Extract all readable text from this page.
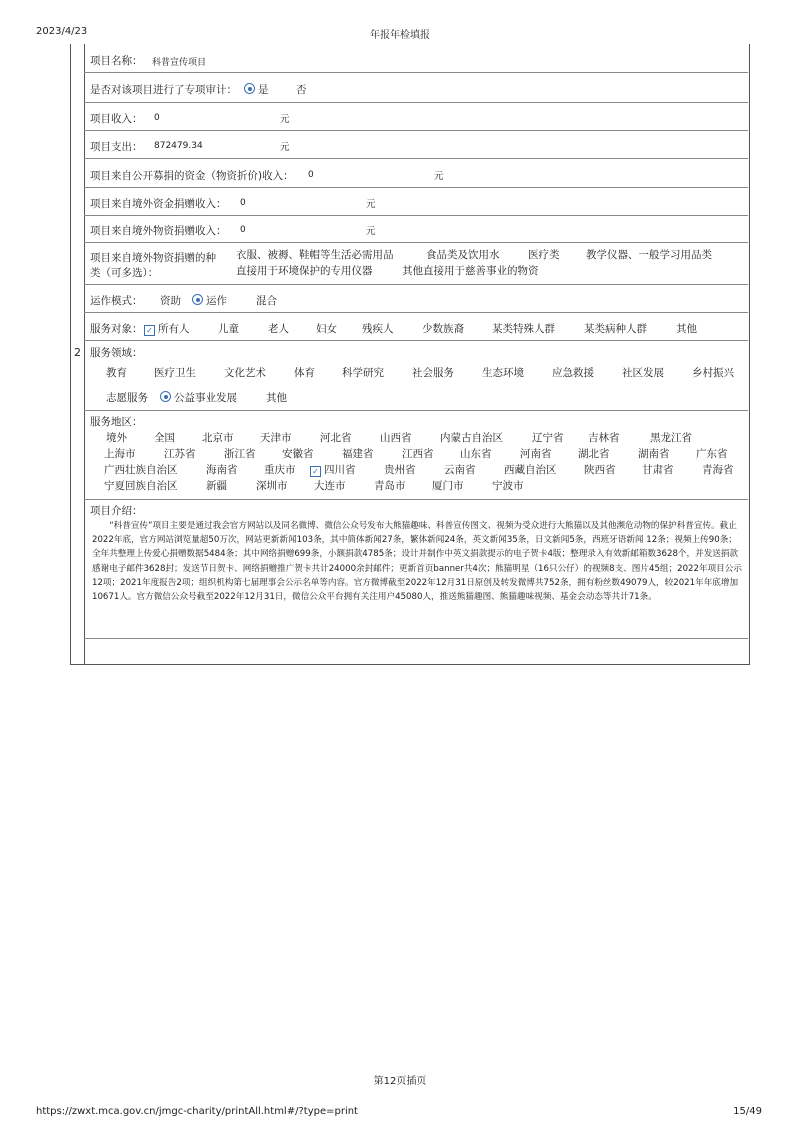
2023/4/23	年报年检填报
2
项目名称： 科普宣传项目
是否对该项目进行了专项审计：	是	否
项目收入： 0	元
项目支出： 872479.34	元
项目来自公开募捐的资金（物资折价)收入： 0	元
项目来自境外资金捐赠收入： 0	元
项目来自境外物资捐赠收入： 0	元
项目来自境外物资捐赠的种
类（可多选）：
衣服、被褥、鞋帽等生活必需用品	食品类及饮用水	医疗类	教学仪器、一般学习用品类
直接用于环境保护的专用仪器	其他直接用于慈善事业的物资
运作模式： 资助	运作	混合
服务对象： ✓ 所有人	儿童	老人	妇女 残疾人	少数族裔	某类特殊人群	某类病种人群	其他
服务领域：
教育	医疗卫生	文化艺术	体育	科学研究	社会服务	生态环境	应急救援	社区发展	乡村振兴
志愿服务	公益事业发展	其他
服务地区：
境外	全国	北京市	天津市	河北省	山西省	内蒙古自治区	辽宁省 吉林省	黑龙江省
上海市	江苏省	浙江省	安徽省	福建省	江西省	山东省	河南省	湖北省	湖南省	广东省
广西壮族自治区	海南省	重庆市 ✓ 四川省	贵州省	云南省	西藏自治区	陕西省	甘肃省	青海省
宁夏回族自治区	新疆	深圳市	大连市	青岛市	厦门市	宁波市
项目介绍：
“科普宣传”项目主要是通过我会官方网站以及同名微博、微信公众号发布大熊猫趣味、科普宣传图文、视频为受众进行大熊猫以及其他濒危动物的保护科普宣传。截止2022年底，官方网站浏览量超50万次，网站更新新闻103条，其中简体新闻27条，繁体新闻24条，英文新闻35条，日文新闻5条，西班牙语新闻 12条；视频上传90条；全年共整理上传爱心捐赠数据5484条；其中网络捐赠699条，小额捐款4785条；设计并制作中英文捐款提示的电子贺卡4版；整理录入有效新邮箱数3628个，并发送捐款感谢电子邮件3628封；发送节日贺卡、网络捐赠推广贺卡共计24000余封邮件；更新首页banner共4次；熊猫明星（16只公仔）的视频8支、图片45组；2022年项目公示12项；2021年度报告2项；组织机构第七届理事会公示名单等内容。官方微博截至2022年12月31日原创及转发微博共752条，拥有粉丝数49079人，较2021年年底增加10671人。官方微信公众号截至2022年12月31日，微信公众平台拥有关注用户45080人，推送熊猫趣图、熊猫趣味视频、基金会动态等共计71条。
第12页插页
https://zwxt.mca.gov.cn/jmgc-charity/printAll.html#/?type=print	15/49
